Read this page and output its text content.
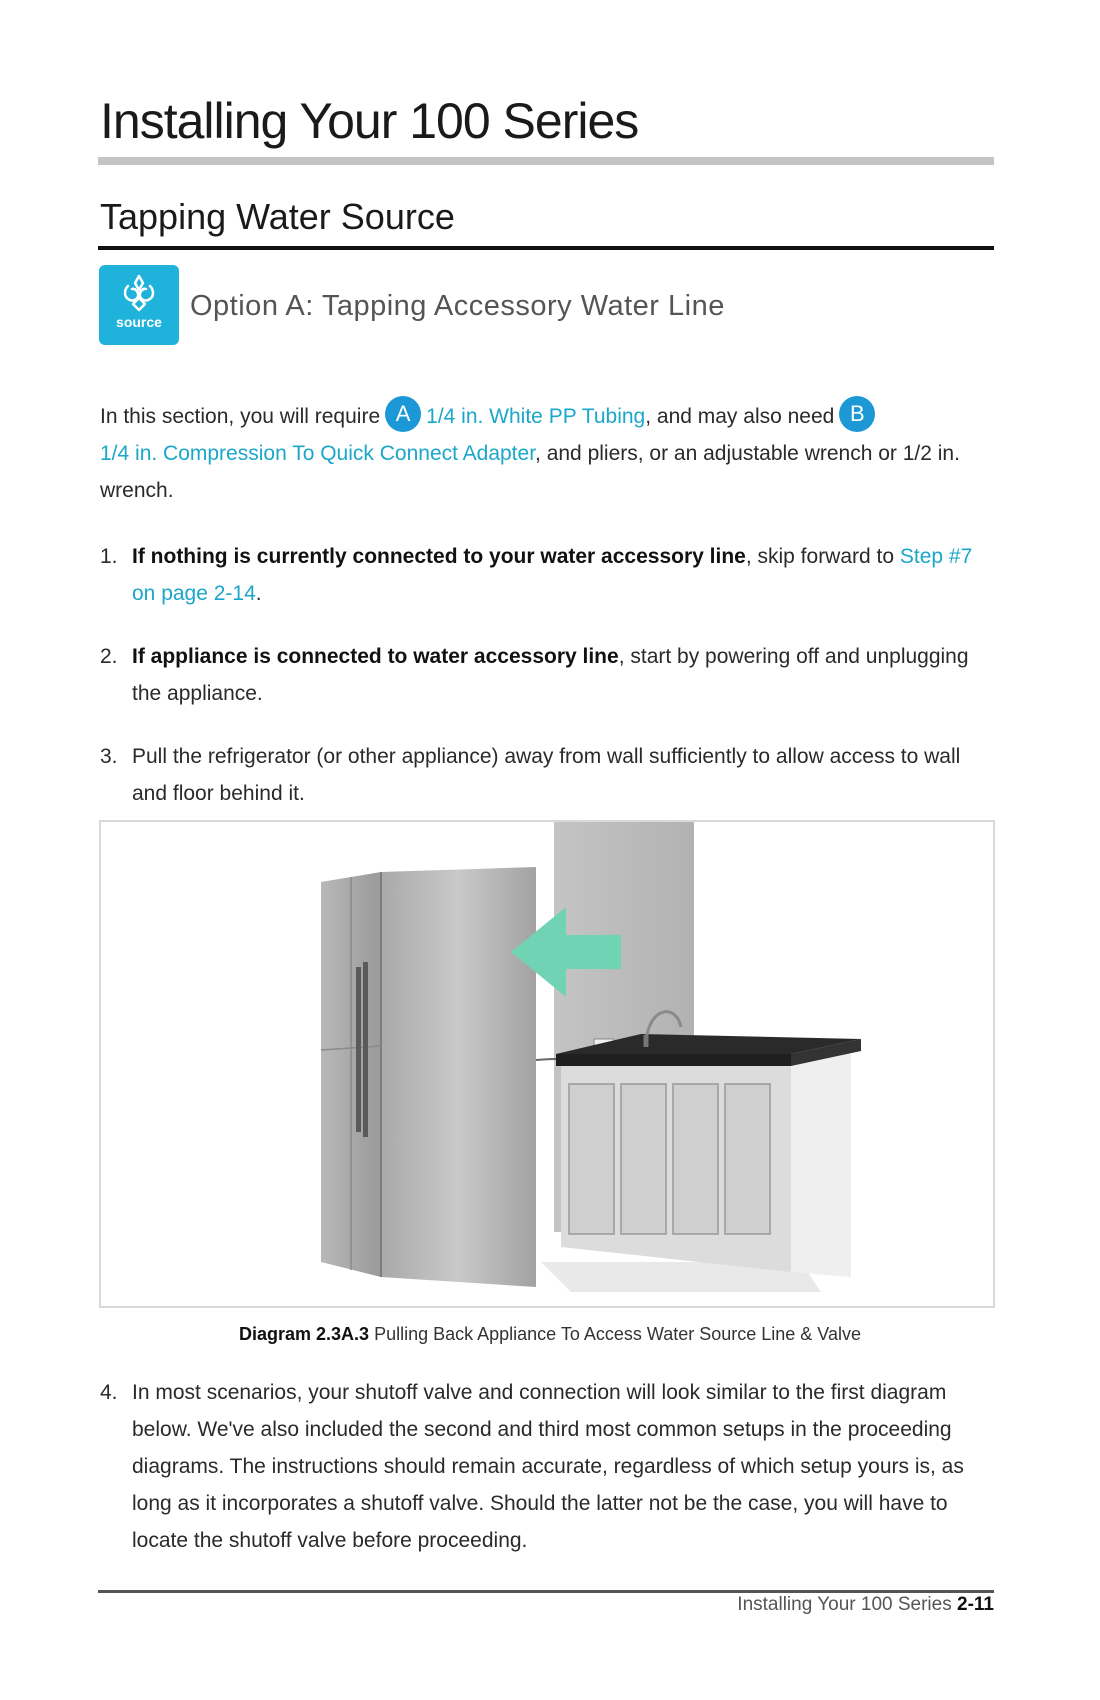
Installing Your 100 Series
Tapping Water Source
source Option A: Tapping Accessory Water Line

In this section, you will require A 1/4 in. White PP Tubing, and may also need B
1/4 in. Compression To Quick Connect Adapter, and pliers, or an adjustable wrench or 1/2 in. wrench.

1. If nothing is currently connected to your water accessory line, skip forward to Step #7 on page 2-14.

2. If appliance is connected to water accessory line, start by powering off and unplugging the appliance.

3. Pull the refrigerator (or other appliance) away from wall sufficiently to allow access to wall and floor behind it.

Diagram 2.3A.3 Pulling Back Appliance To Access Water Source Line & Valve

4. In most scenarios, your shutoff valve and connection will look similar to the first diagram below. We've also included the second and third most common setups in the proceeding diagrams. The instructions should remain accurate, regardless of which setup yours is, as long as it incorporates a shutoff valve. Should the latter not be the case, you will have to locate the shutoff valve before proceeding.

Installing Your 100 Series 2-11
